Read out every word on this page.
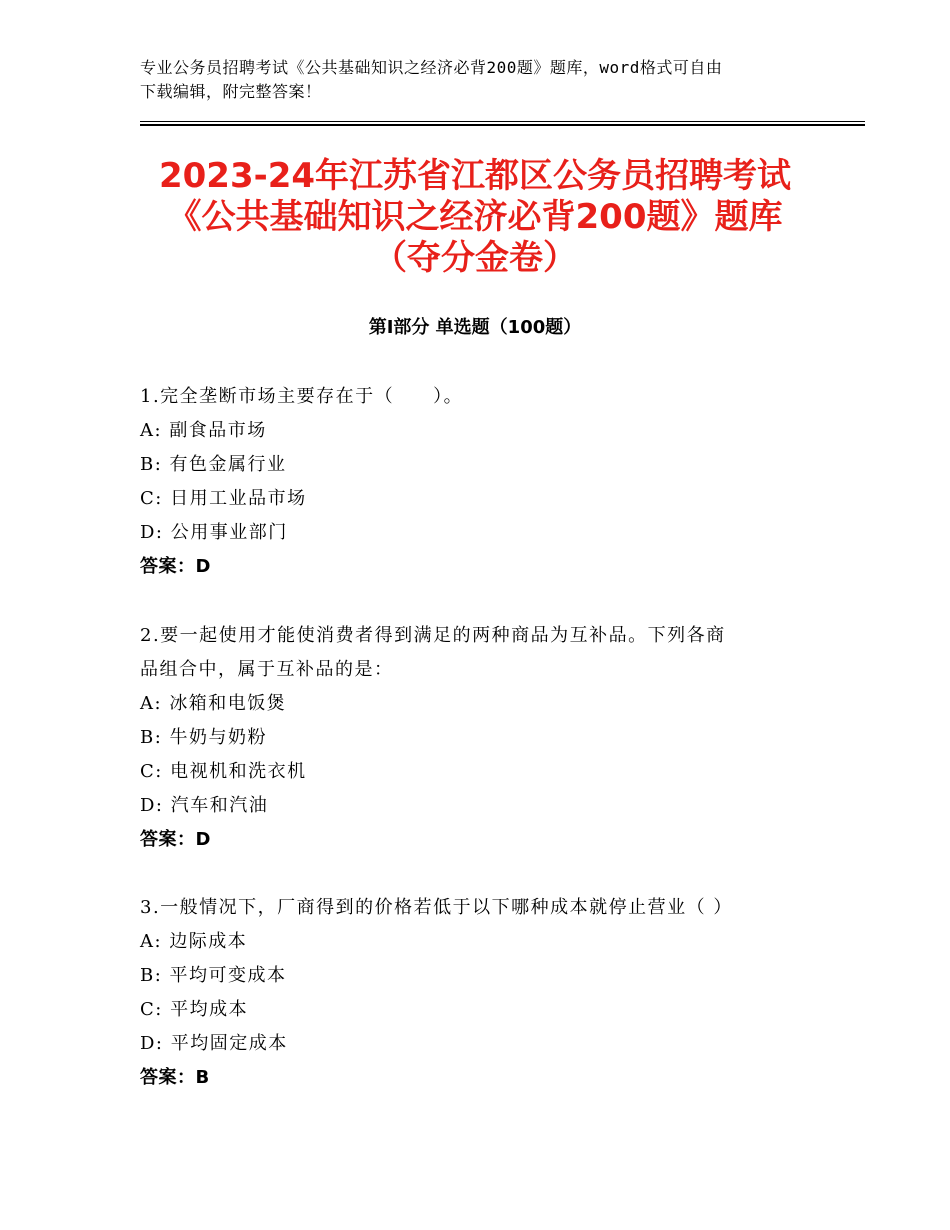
专业公务员招聘考试《公共基础知识之经济必背200题》题库，word格式可自由
下载编辑，附完整答案！
2023-24年江苏省江都区公务员招聘考试
《公共基础知识之经济必背200题》题库
（夺分金卷）
第Ⅰ部分 单选题（100题）
1.完全垄断市场主要存在于（　　）。
A: 副食品市场
B: 有色金属行业
C: 日用工业品市场
D: 公用事业部门
答案：D
2.要一起使用才能使消费者得到满足的两种商品为互补品。下列各商
品组合中，属于互补品的是：
A: 冰箱和电饭煲
B: 牛奶与奶粉
C: 电视机和洗衣机
D: 汽车和汽油
答案：D
3.一般情况下，厂商得到的价格若低于以下哪种成本就停止营业（ ）
A: 边际成本
B: 平均可变成本
C: 平均成本
D: 平均固定成本
答案：B
